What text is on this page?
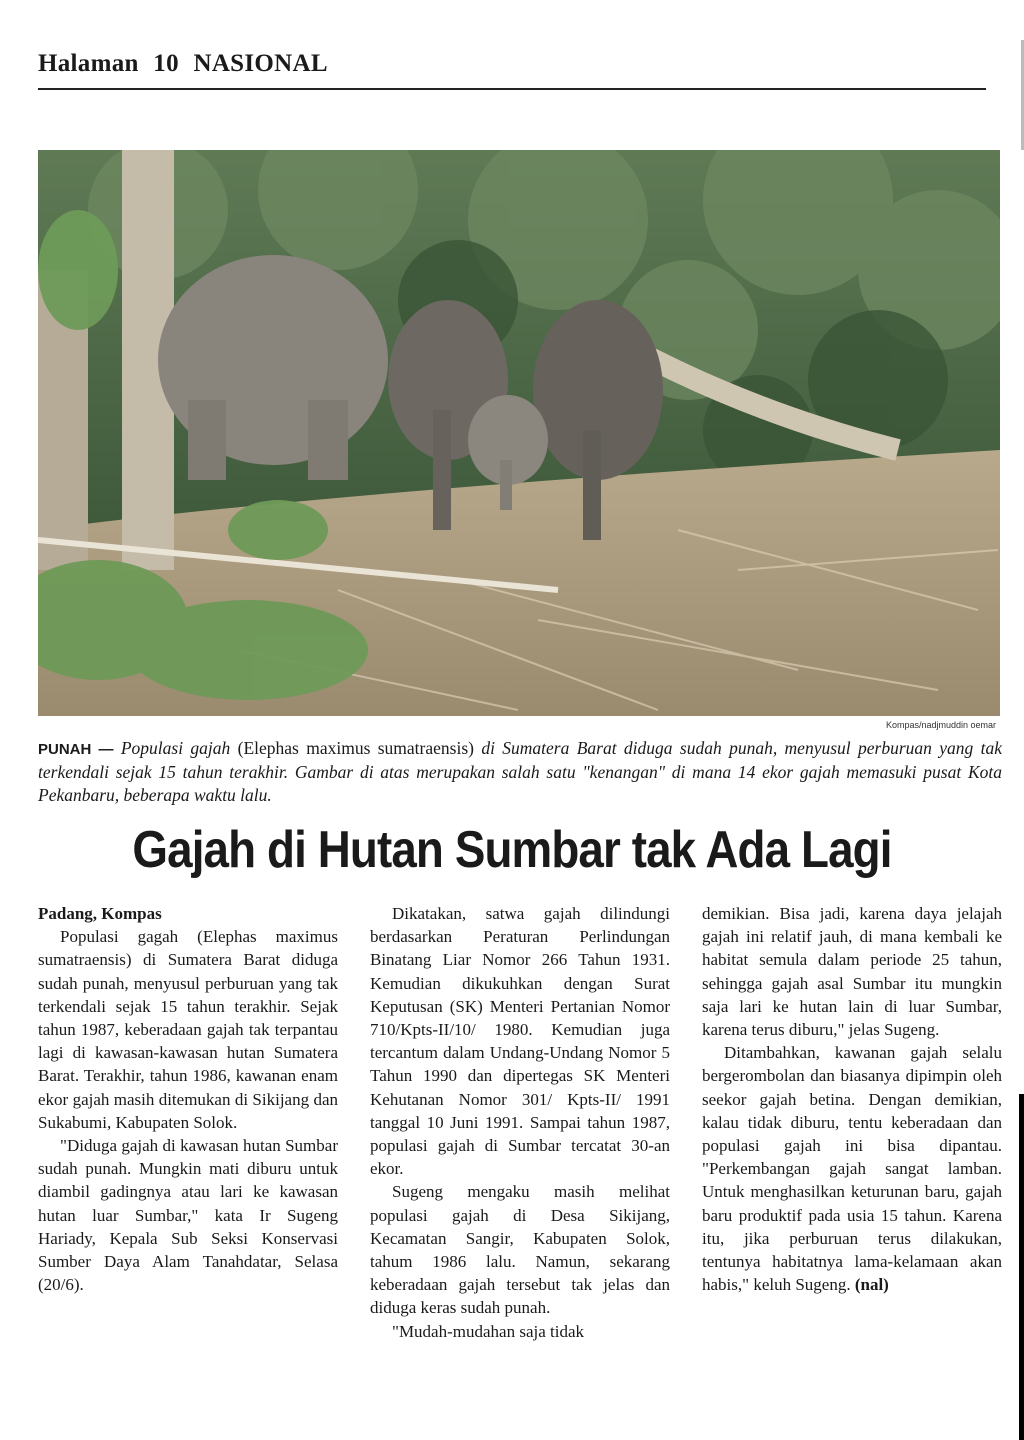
Halaman 10 NASIONAL
Kompas/nadjmuddin oemar
PUNAH — Populasi gajah (Elephas maximus sumatraensis) di Sumatera Barat diduga sudah punah, menyusul perburuan yang tak terkendali sejak 15 tahun terakhir. Gambar di atas merupakan salah satu "kenangan" di mana 14 ekor gajah memasuki pusat Kota Pekanbaru, beberapa waktu lalu.
Gajah di Hutan Sumbar tak Ada Lagi

Padang, Kompas

Populasi gagah (Elephas maximus sumatraensis) di Sumatera Barat diduga sudah punah, menyusul perburuan yang tak terkendali sejak 15 tahun terakhir. Sejak tahun 1987, keberadaan gajah tak terpantau lagi di kawasan-kawasan hutan Sumatera Barat. Terakhir, tahun 1986, kawanan enam ekor gajah masih ditemukan di Sikijang dan Sukabumi, Kabupaten Solok.

"Diduga gajah di kawasan hutan Sumbar sudah punah. Mungkin mati diburu untuk diambil gadingnya atau lari ke kawasan hutan luar Sumbar," kata Ir Sugeng Hariady, Kepala Sub Seksi Konservasi Sumber Daya Alam Tanahdatar, Selasa (20/6).

Dikatakan, satwa gajah dilindungi berdasarkan Peraturan Perlindungan Binatang Liar Nomor 266 Tahun 1931. Kemudian dikukuhkan dengan Surat Keputusan (SK) Menteri Pertanian Nomor 710/Kpts-II/10/ 1980. Kemudian juga tercantum dalam Undang-Undang Nomor 5 Tahun 1990 dan dipertegas SK Menteri Kehutanan Nomor 301/ Kpts-II/ 1991 tanggal 10 Juni 1991. Sampai tahun 1987, populasi gajah di Sumbar tercatat 30-an ekor.

Sugeng mengaku masih melihat populasi gajah di Desa Sikijang, Kecamatan Sangir, Kabupaten Solok, tahum 1986 lalu. Namun, sekarang keberadaan gajah tersebut tak jelas dan diduga keras sudah punah.

"Mudah-mudahan saja tidak

demikian. Bisa jadi, karena daya jelajah gajah ini relatif jauh, di mana kembali ke habitat semula dalam periode 25 tahun, sehingga gajah asal Sumbar itu mungkin saja lari ke hutan lain di luar Sumbar, karena terus diburu," jelas Sugeng.

Ditambahkan, kawanan gajah selalu bergerombolan dan biasanya dipimpin oleh seekor gajah betina. Dengan demikian, kalau tidak diburu, tentu keberadaan dan populasi gajah ini bisa dipantau. "Perkembangan gajah sangat lamban. Untuk menghasilkan keturunan baru, gajah baru produktif pada usia 15 tahun. Karena itu, jika perburuan terus dilakukan, tentunya habitatnya lama-kelamaan akan habis," keluh Sugeng. (nal)
